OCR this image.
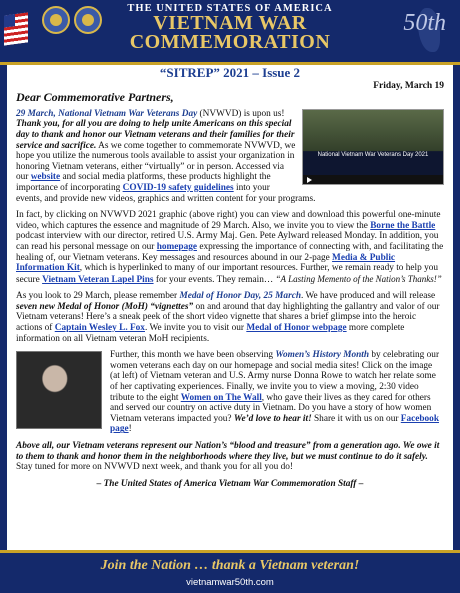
THE UNITED STATES OF AMERICA
VIETNAM WAR
COMMEMORATION
50th
“SITREP” 2021 – Issue 2
Friday, March 19
Dear Commemorative Partners,

National Vietnam War Veterans Day 2021
29 March, National Vietnam War Veterans Day (NVWVD) is upon us! Thank you, for all you are doing to help unite Americans on this special day to thank and honor our Vietnam veterans and their families for their service and sacrifice. As we come together to commemorate NVWVD, we hope you utilize the numerous tools available to assist your organization in honoring Vietnam veterans, either “virtually” or in person. Accessed via our website and social media platforms, these products highlight the importance of incorporating COVID-19 safety guidelines into your events, and provide new videos, graphics and written content for your programs.

In fact, by clicking on NVWVD 2021 graphic (above right) you can view and download this powerful one-minute video, which captures the essence and magnitude of 29 March. Also, we invite you to view the Borne the Battle podcast interview with our director, retired U.S. Army Maj. Gen. Pete Aylward released Monday. In addition, you can read his personal message on our homepage expressing the importance of connecting with, and facilitating the healing of, our Vietnam veterans. Key messages and resources abound in our 2-page Media & Public Information Kit, which is hyperlinked to many of our important resources. Further, we remain ready to help you secure Vietnam Veteran Lapel Pins for your events. They remain… “A Lasting Memento of the Nation’s Thanks!”

As you look to 29 March, please remember Medal of Honor Day, 25 March. We have produced and will release seven new Medal of Honor (MoH) “vignettes” on and around that day highlighting the gallantry and valor of our Vietnam veterans! Here’s a sneak peek of the short video vignette that shares a brief glimpse into the heroic actions of Captain Wesley L. Fox. We invite you to visit our Medal of Honor webpage more complete information on all Vietnam veteran MoH recipients.

Further, this month we have been observing Women’s History Month by celebrating our women veterans each day on our homepage and social media sites! Click on the image (at left) of Vietnam veteran and U.S. Army nurse Donna Rowe to watch her relate some of her captivating experiences. Finally, we invite you to view a moving, 2:30 video tribute to the eight Women on The Wall, who gave their lives as they cared for others and served our country on active duty in Vietnam. Do you have a story of how women Vietnam veterans impacted you? We’d love to hear it! Share it with us on our Facebook page!

Above all, our Vietnam veterans represent our Nation’s “blood and treasure” from a generation ago. We owe it to them to thank and honor them in the neighborhoods where they live, but we must continue to do it safely. Stay tuned for more on NVWVD next week, and thank you for all you do!

– The United States of America Vietnam War Commemoration Staff –
Join the Nation … thank a Vietnam veteran!
vietnamwar50th.com
